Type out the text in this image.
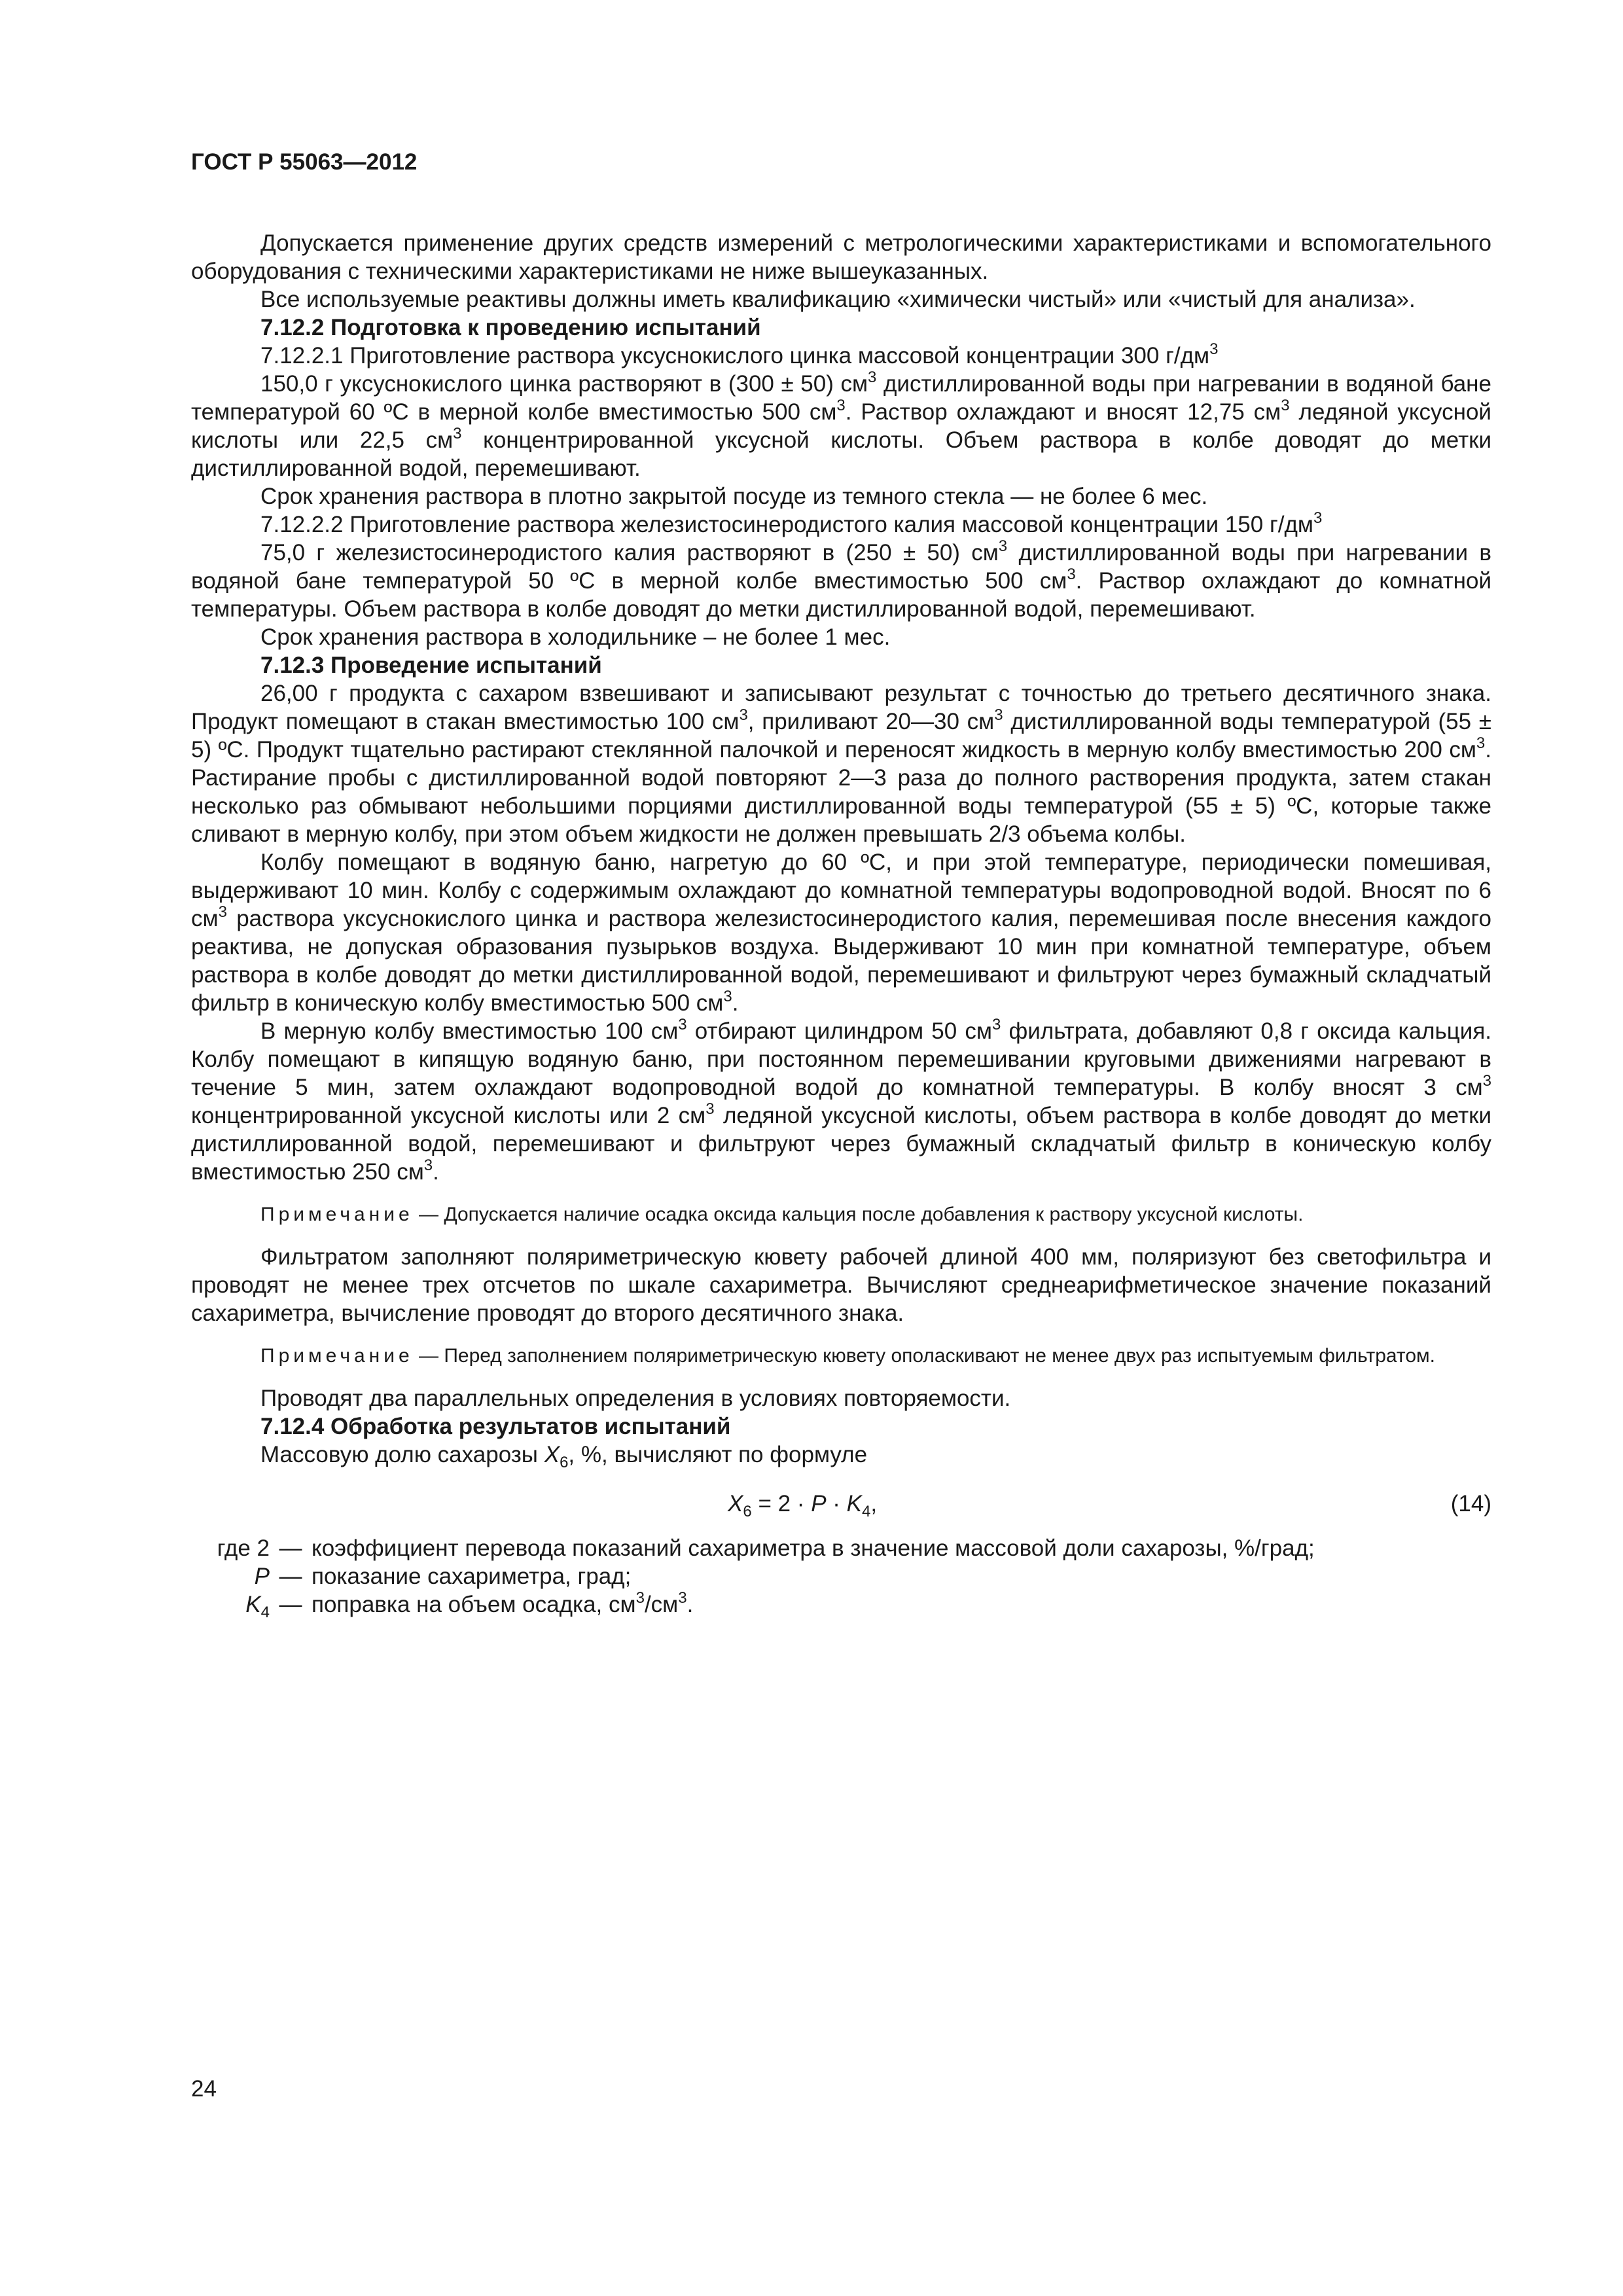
ГОСТ Р 55063—2012

Допускается применение других средств измерений с метрологическими характеристиками и вспомогательного оборудования с техническими характеристиками не ниже вышеуказанных.

Все используемые реактивы должны иметь квалификацию «химически чистый» или «чистый для анализа».

7.12.2 Подготовка к проведению испытаний

7.12.2.1 Приготовление раствора уксуснокислого цинка массовой концентрации 300 $г/дм^3$

150,0 г уксуснокислого цинка растворяют в (300 ± 50) $см^3$ дистиллированной воды при нагревании в водяной бане температурой 60 ºC в мерной колбе вместимостью 500 $см^3$. Раствор охлаждают и вносят 12,75 $см^3$ ледяной уксусной кислоты или 22,5 $см^3$ концентрированной уксусной кислоты. Объем раствора в колбе доводят до метки дистиллированной водой, перемешивают.

Срок хранения раствора в плотно закрытой посуде из темного стекла — не более 6 мес.

7.12.2.2 Приготовление раствора железистосинеродистого калия массовой концентрации 150 $г/дм^3$

75,0 г железистосинеродистого калия растворяют в (250 ± 50) $см^3$ дистиллированной воды при нагревании в водяной бане температурой 50 ºC в мерной колбе вместимостью 500 $см^3$. Раствор охлаждают до комнатной температуры. Объем раствора в колбе доводят до метки дистиллированной водой, перемешивают.

Срок хранения раствора в холодильнике – не более 1 мес.

7.12.3 Проведение испытаний

26,00 г продукта с сахаром взвешивают и записывают результат с точностью до третьего десятичного знака. Продукт помещают в стакан вместимостью 100 $см^3$, приливают 20—30 $см^3$ дистиллированной воды температурой (55 ± 5) ºC. Продукт тщательно растирают стеклянной палочкой и переносят жидкость в мерную колбу вместимостью 200 $см^3$. Растирание пробы с дистиллированной водой повторяют 2—3 раза до полного растворения продукта, затем стакан несколько раз обмывают небольшими порциями дистиллированной воды температурой (55 ± 5) ºC, которые также сливают в мерную колбу, при этом объем жидкости не должен превышать 2/3 объема колбы.

Колбу помещают в водяную баню, нагретую до 60 ºC, и при этой температуре, периодически помешивая, выдерживают 10 мин. Колбу с содержимым охлаждают до комнатной температуры водопроводной водой. Вносят по 6 $см^3$ раствора уксуснокислого цинка и раствора железистосинеродистого калия, перемешивая после внесения каждого реактива, не допуская образования пузырьков воздуха. Выдерживают 10 мин при комнатной температуре, объем раствора в колбе доводят до метки дистиллированной водой, перемешивают и фильтруют через бумажный складчатый фильтр в коническую колбу вместимостью 500 $см^3$.

В мерную колбу вместимостью 100 $см^3$ отбирают цилиндром 50 $см^3$ фильтрата, добавляют 0,8 г оксида кальция. Колбу помещают в кипящую водяную баню, при постоянном перемешивании круговыми движениями нагревают в течение 5 мин, затем охлаждают водопроводной водой до комнатной температуры. В колбу вносят 3 $см^3$ концентрированной уксусной кислоты или 2 $см^3$ ледяной уксусной кислоты, объем раствора в колбе доводят до метки дистиллированной водой, перемешивают и фильтруют через бумажный складчатый фильтр в коническую колбу вместимостью 250 $см^3$.

Примечание — Допускается наличие осадка оксида кальция после добавления к раствору уксусной кислоты.

Фильтратом заполняют поляриметрическую кювету рабочей длиной 400 мм, поляризуют без светофильтра и проводят не менее трех отсчетов по шкале сахариметра. Вычисляют среднеарифметическое значение показаний сахариметра, вычисление проводят до второго десятичного знака.

Примечание — Перед заполнением поляриметрическую кювету ополаскивают не менее двух раз испытуемым фильтратом.

Проводят два параллельных определения в условиях повторяемости.

7.12.4 Обработка результатов испытаний

Массовую долю сахарозы $X_6$, %, вычисляют по формуле

$X_6 = 2 \cdot P \cdot K_4$,	(14)
где 2 — коэффициент перевода показаний сахариметра в значение массовой доли сахарозы, %/град;
P — показание сахариметра, град;
$K_4$ — поправка на объем осадка, $см^3/см^3$.
24
